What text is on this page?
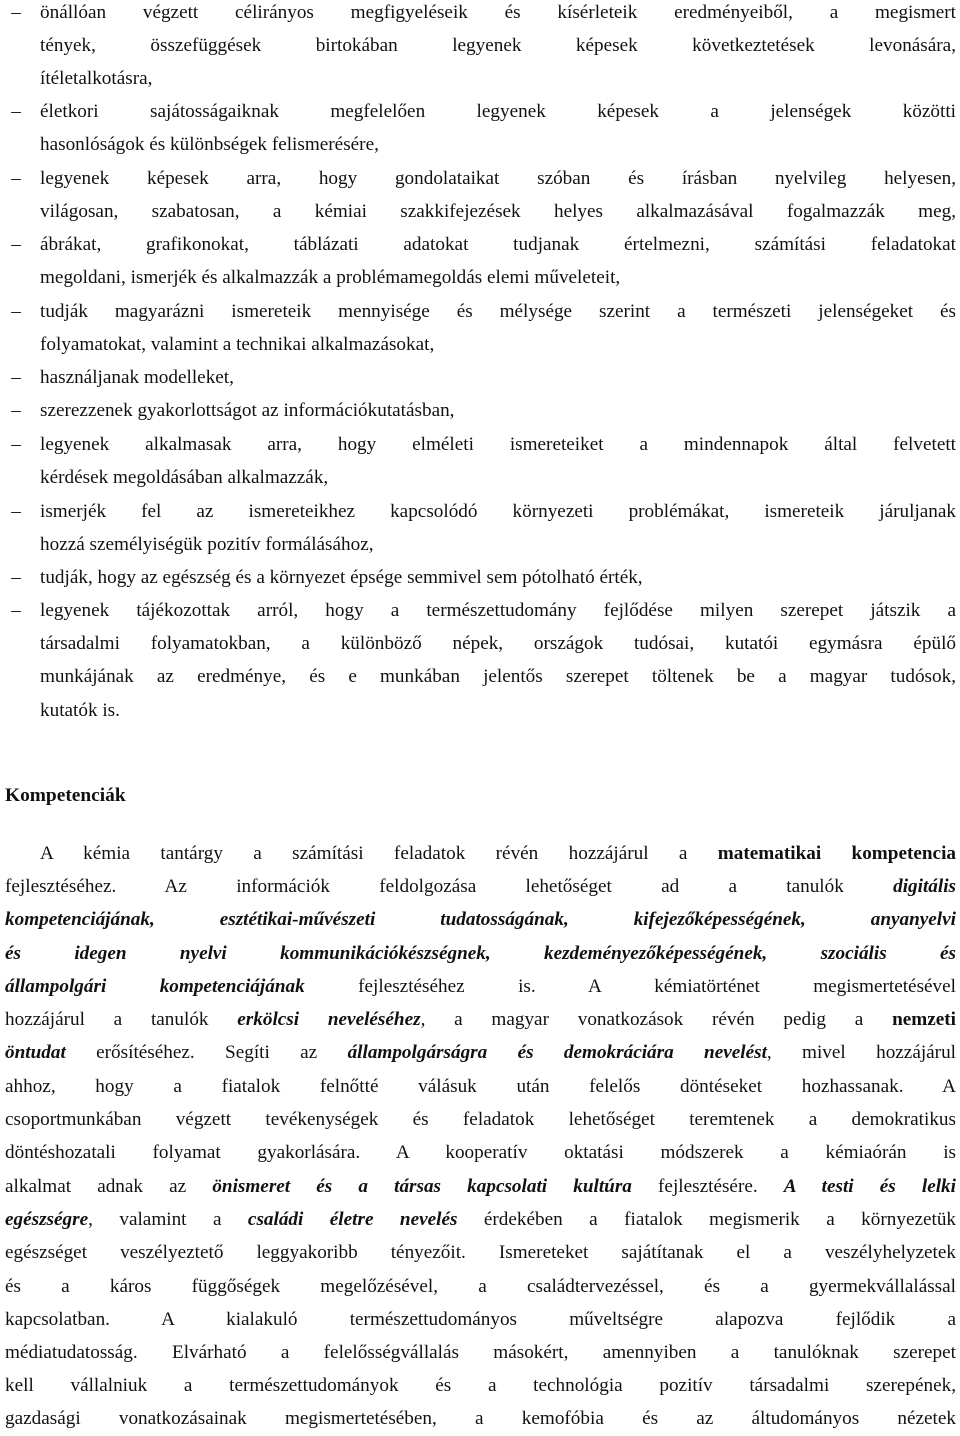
– önállóan végzett célirányos megfigyeléseik és kísérleteik eredményeiből, a megismert
tények, összefüggések birtokában legyenek képesek következtetések levonására,
ítéletalkotásra,
– életkori sajátosságaiknak megfelelően legyenek képesek a jelenségek közötti
hasonlóságok és különbségek felismerésére,
– legyenek képesek arra, hogy gondolataikat szóban és írásban nyelvileg helyesen,
világosan, szabatosan, a kémiai szakkifejezések helyes alkalmazásával fogalmazzák meg,
– ábrákat, grafikonokat, táblázati adatokat tudjanak értelmezni, számítási feladatokat
megoldani, ismerjék és alkalmazzák a problémamegoldás elemi műveleteit,
– tudják magyarázni ismereteik mennyisége és mélysége szerint a természeti jelenségeket és
folyamatokat, valamint a technikai alkalmazásokat,
– használjanak modelleket,
– szerezzenek gyakorlottságot az információkutatásban,
– legyenek alkalmasak arra, hogy elméleti ismereteiket a mindennapok által felvetett
kérdések megoldásában alkalmazzák,
– ismerjék fel az ismereteikhez kapcsolódó környezeti problémákat, ismereteik járuljanak
hozzá személyiségük pozitív formálásához,
– tudják, hogy az egészség és a környezet épsége semmivel sem pótolható érték,
– legyenek tájékozottak arról, hogy a természettudomány fejlődése milyen szerepet játszik a
társadalmi folyamatokban, a különböző népek, országok tudósai, kutatói egymásra épülő
munkájának az eredménye, és e munkában jelentős szerepet töltenek be a magyar tudósok,
kutatók is.
Kompetenciák
A kémia tantárgy a számítási feladatok révén hozzájárul a matematikai kompetencia
fejlesztéséhez. Az információk feldolgozása lehetőséget ad a tanulók digitális
kompetenciájának, esztétikai-művészeti tudatosságának, kifejezőképességének, anyanyelvi
és idegen nyelvi kommunikációkészségnek, kezdeményezőképességének, szociális és
állampolgári kompetenciájának fejlesztéséhez is. A kémiatörténet megismertetésével
hozzájárul a tanulók erkölcsi neveléséhez, a magyar vonatkozások révén pedig a nemzeti
öntudat erősítéséhez. Segíti az állampolgárságra és demokráciára nevelést, mivel hozzájárul
ahhoz, hogy a fiatalok felnőtté válásuk után felelős döntéseket hozhassanak. A
csoportmunkában végzett tevékenységek és feladatok lehetőséget teremtenek a demokratikus
döntéshozatali folyamat gyakorlására. A kooperatív oktatási módszerek a kémiaórán is
alkalmat adnak az önismeret és a társas kapcsolati kultúra fejlesztésére. A testi és lelki
egészségre, valamint a családi életre nevelés érdekében a fiatalok megismerik a környezetük
egészséget veszélyeztető leggyakoribb tényezőit. Ismereteket sajátítanak el a veszélyhelyzetek
és a káros függőségek megelőzésével, a családtervezéssel, és a gyermekvállalással
kapcsolatban. A kialakuló természettudományos műveltségre alapozva fejlődik a
médiatudatosság. Elvárható a felelősségvállalás másokért, amennyiben a tanulóknak szerepet
kell vállalniuk a természettudományok és a technológia pozitív társadalmi szerepének,
gazdasági vonatkozásainak megismertetésében, a kemofóbia és az áltudományos nézetek
